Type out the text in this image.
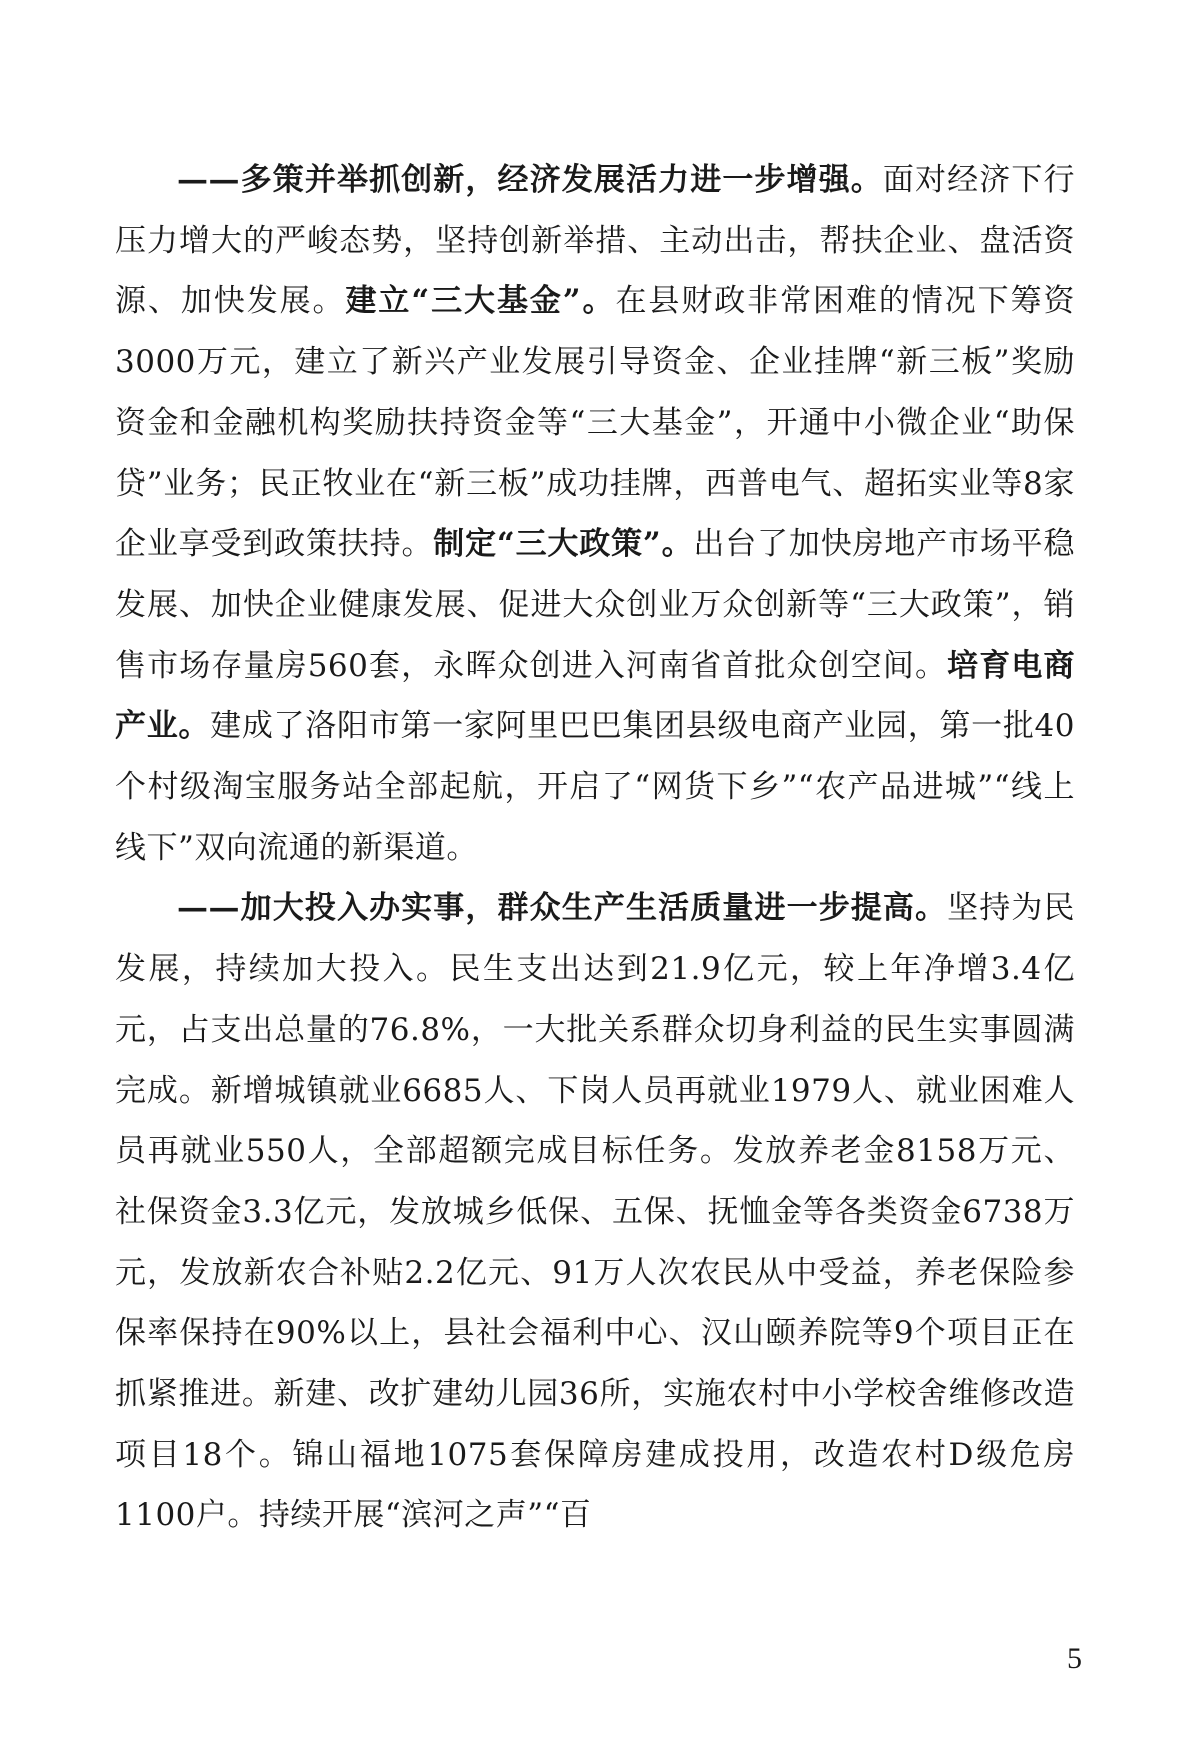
——多策并举抓创新，经济发展活力进一步增强。面对经济下行压力增大的严峻态势，坚持创新举措、主动出击，帮扶企业、盘活资源、加快发展。建立“三大基金”。在县财政非常困难的情况下筹资3000万元，建立了新兴产业发展引导资金、企业挂牌“新三板”奖励资金和金融机构奖励扶持资金等“三大基金”，开通中小微企业“助保贷”业务；民正牧业在“新三板”成功挂牌，西普电气、超拓实业等8家企业享受到政策扶持。制定“三大政策”。出台了加快房地产市场平稳发展、加快企业健康发展、促进大众创业万众创新等“三大政策”，销售市场存量房560套，永晖众创进入河南省首批众创空间。培育电商产业。建成了洛阳市第一家阿里巴巴集团县级电商产业园，第一批40个村级淘宝服务站全部起航，开启了“网货下乡”“农产品进城”“线上线下”双向流通的新渠道。

——加大投入办实事，群众生产生活质量进一步提高。坚持为民发展，持续加大投入。民生支出达到21.9亿元，较上年净增3.4亿元，占支出总量的76.8%，一大批关系群众切身利益的民生实事圆满完成。新增城镇就业6685人、下岗人员再就业1979人、就业困难人员再就业550人，全部超额完成目标任务。发放养老金8158万元、社保资金3.3亿元，发放城乡低保、五保、抚恤金等各类资金6738万元，发放新农合补贴2.2亿元、91万人次农民从中受益，养老保险参保率保持在90%以上，县社会福利中心、汉山颐养院等9个项目正在抓紧推进。新建、改扩建幼儿园36所，实施农村中小学校舍维修改造项目18个。锦山福地1075套保障房建成投用，改造农村D级危房1100户。持续开展“滨河之声”“百

5
